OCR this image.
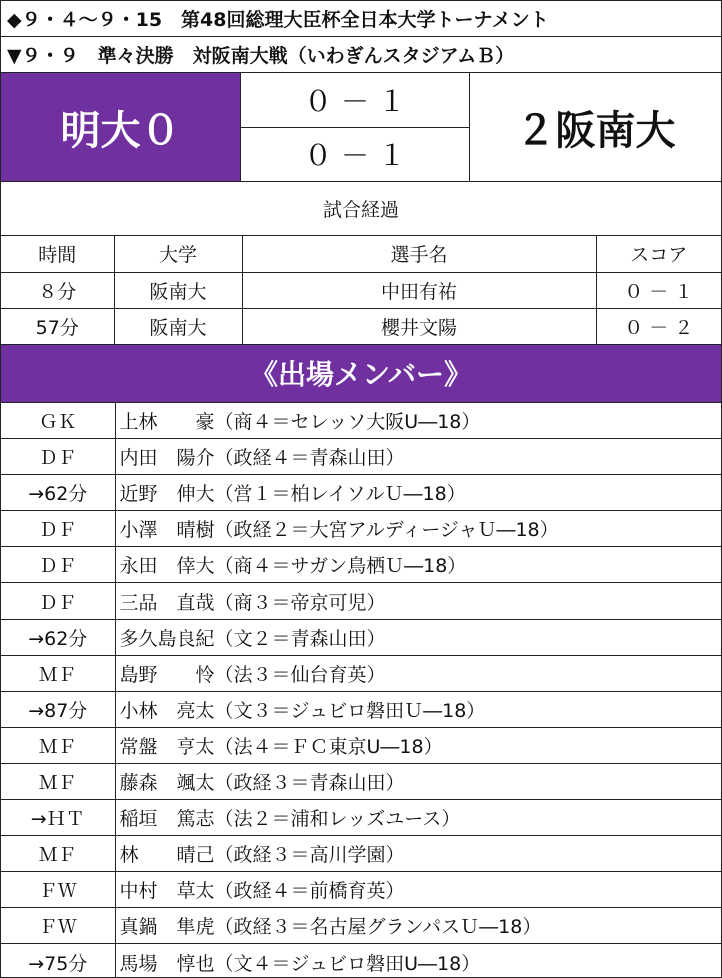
◆９・４〜９・15　第48回総理大臣杯全日本大学トーナメント
▼９・９　準々決勝　対阪南大戦（いわぎんスタジアムＢ）
明大０
０ － １
０ － １
２阪南大
試合経過
時間	大学	選手名	スコア
８分	阪南大	中田有祐	０ － １
57分	阪南大	櫻井文陽	０ － ２
《出場メンバー》
ＧＫ	上林　　豪（商４＝セレッソ大阪U―18）
ＤＦ	内田　陽介（政経４＝青森山田）
→62分	近野　伸大（営１＝柏レイソルＵ―18）
ＤＦ	小澤　晴樹（政経２＝大宮アルディージャＵ―18）
ＤＦ	永田　倖大（商４＝サガン鳥栖Ｕ―18）
ＤＦ	三品　直哉（商３＝帝京可児）
→62分	多久島良紀（文２＝青森山田）
ＭＦ	島野　　怜（法３＝仙台育英）
→87分	小林　亮太（文３＝ジュビロ磐田Ｕ―18）
ＭＦ	常盤　亨太（法４＝ＦＣ東京U―18）
ＭＦ	藤森　颯太（政経３＝青森山田）
→ＨＴ	稲垣　篤志（法２＝浦和レッズユース）
ＭＦ	林　　晴己（政経３＝高川学園）
ＦＷ	中村　草太（政経４＝前橋育英）
ＦＷ	真鍋　隼虎（政経３＝名古屋グランパスＵ―18）
→75分	馬場　惇也（文４＝ジュビロ磐田U―18）
